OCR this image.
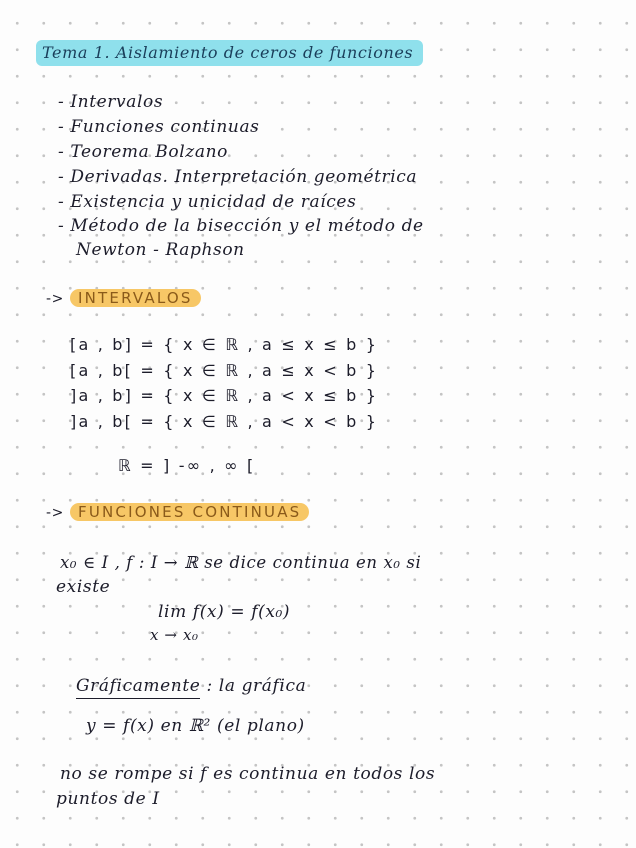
Tema 1. Aislamiento de ceros de funciones
- Intervalos
- Funciones continuas
- Teorema Bolzano
- Derivadas. Interpretación geométrica
- Existencia y unicidad de raíces
- Método de la bisección y el método de
Newton - Raphson
-> INTERVALOS
[a , b] = { x ∈ ℝ , a ≤ x ≤ b }
[a , b[ = { x ∈ ℝ , a ≤ x < b }
]a , b] = { x ∈ ℝ , a < x ≤ b }
]a , b[ = { x ∈ ℝ , a < x < b }
ℝ = ] -∞ , ∞ [
-> FUNCIONES CONTINUAS
x₀ ∈ I , f : I → ℝ se dice continua en x₀ si
existe
lim f(x) = f(x₀)
x → x₀
Gráficamente : la gráfica
y = f(x) en ℝ² (el plano)
no se rompe si f es continua en todos los
puntos de I
